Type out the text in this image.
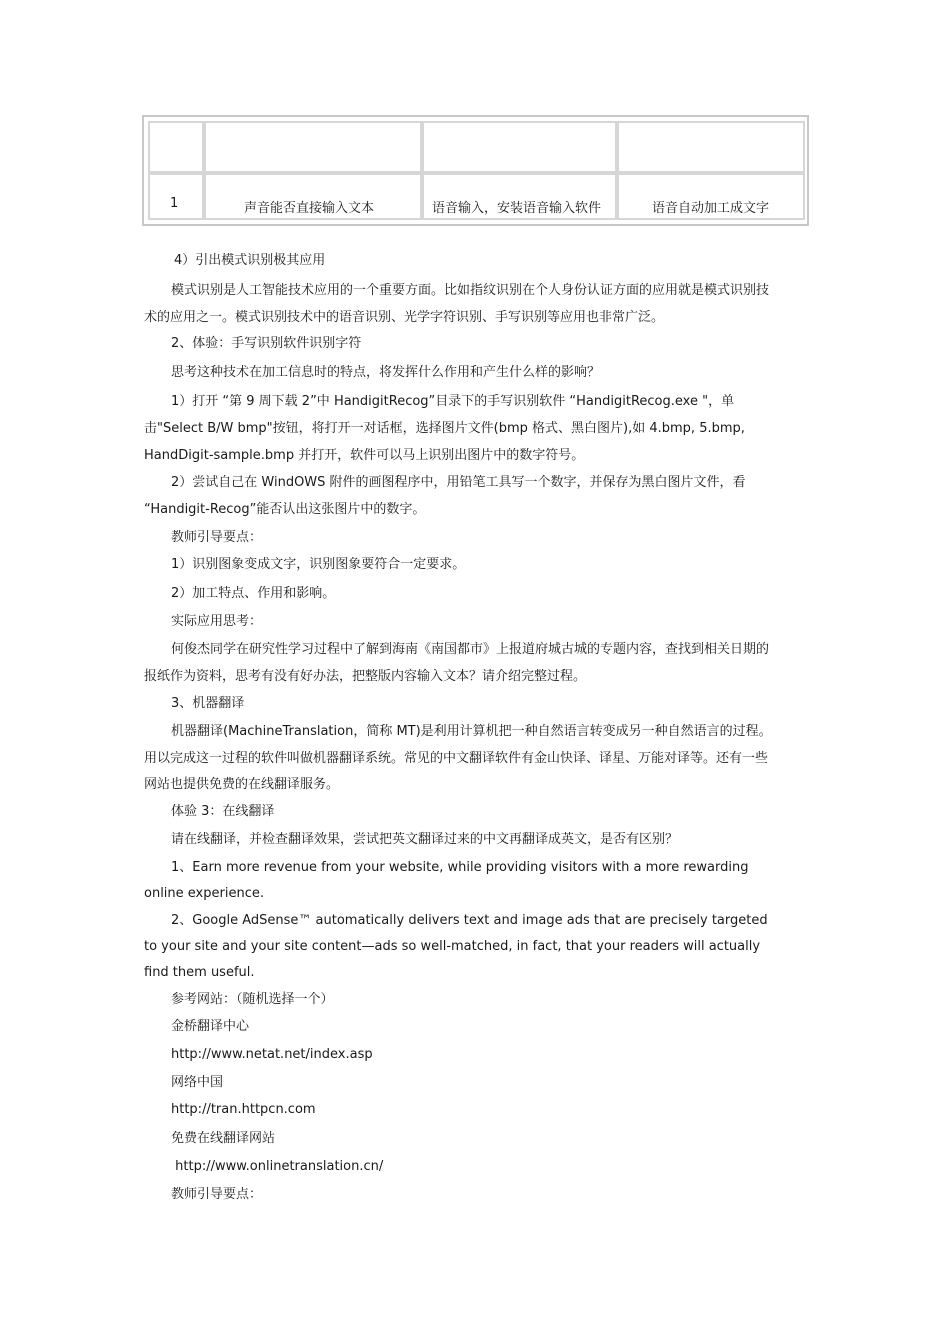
1	声音能否直接输入文本	语音输入，安装语音输入软件	语音自动加工成文字
4）引出模式识别极其应用
模式识别是人工智能技术应用的一个重要方面。比如指纹识别在个人身份认证方面的应用就是模式识别技
术的应用之一。模式识别技术中的语音识别、光学字符识别、手写识别等应用也非常广泛。
2、体验：手写识别软件识别字符
思考这种技术在加工信息时的特点，将发挥什么作用和产生什么样的影响？
1）打开 “第 9 周下载 2”中 HandigitRecog”目录下的手写识别软件 “HandigitRecog.exe "，单
击"Select B/W bmp"按钮，将打开一对话框，选择图片文件(bmp 格式、黑白图片),如 4.bmp, 5.bmp,
HandDigit-sample.bmp 并打开，软件可以马上识别出图片中的数字符号。
2）尝试自己在 WindOWS 附件的画图程序中，用铅笔工具写一个数字，并保存为黑白图片文件，看
“Handigit-Recog”能否认出这张图片中的数字。
教师引导要点：
1）识别图象变成文字，识别图象要符合一定要求。
2）加工特点、作用和影响。
实际应用思考：
何俊杰同学在研究性学习过程中了解到海南《南国都市》上报道府城古城的专题内容，查找到相关日期的
报纸作为资料，思考有没有好办法，把整版内容输入文本？请介绍完整过程。
3、机器翻译
机器翻译(MachineTranslation，简称 MT)是利用计算机把一种自然语言转变成另一种自然语言的过程。
用以完成这一过程的软件叫做机器翻译系统。常见的中文翻译软件有金山快译、译星、万能对译等。还有一些
网站也提供免费的在线翻译服务。
体验 3：在线翻译
请在线翻译，并检查翻译效果，尝试把英文翻译过来的中文再翻译成英文，是否有区别？
1、Earn more revenue from your website, while providing visitors with a more rewarding
online experience.
2、Google AdSense™ automatically delivers text and image ads that are precisely targeted
to your site and your site content—ads so well-matched, in fact, that your readers will actually
find them useful.
参考网站：（随机选择一个）
金桥翻译中心
http://www.netat.net/index.asp
网络中国
http://tran.httpcn.com
免费在线翻译网站
http://www.onlinetranslation.cn/
教师引导要点：
